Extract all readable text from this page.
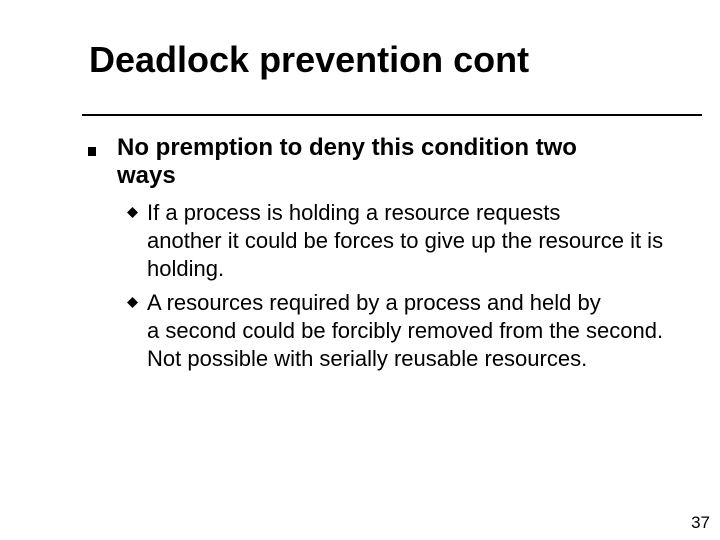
Deadlock prevention cont
No premption to deny this condition two
ways
If a process is holding a resource requests
another it could be forces to give up the resource it is holding.
A resources required by a process and held by
a second could be forcibly removed from the second. Not possible with serially reusable resources.
37
